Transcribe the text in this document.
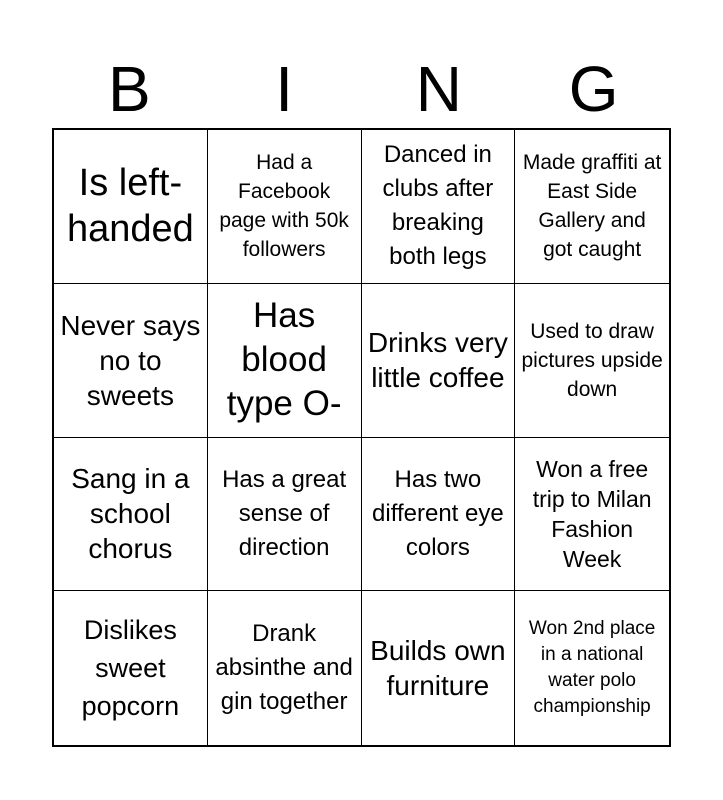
B	I	N	G
Is left-handed
Had a Facebook page with 50k followers
Danced in clubs after breaking both legs
Made graffiti at East Side Gallery and got caught
Never says no to sweets
Has blood type O-
Drinks very little coffee
Used to draw pictures upside down
Sang in a school chorus
Has a great sense of direction
Has two different eye colors
Won a free trip to Milan Fashion Week
Dislikes sweet popcorn
Drank absinthe and gin together
Builds own furniture
Won 2nd place in a national water polo championship
